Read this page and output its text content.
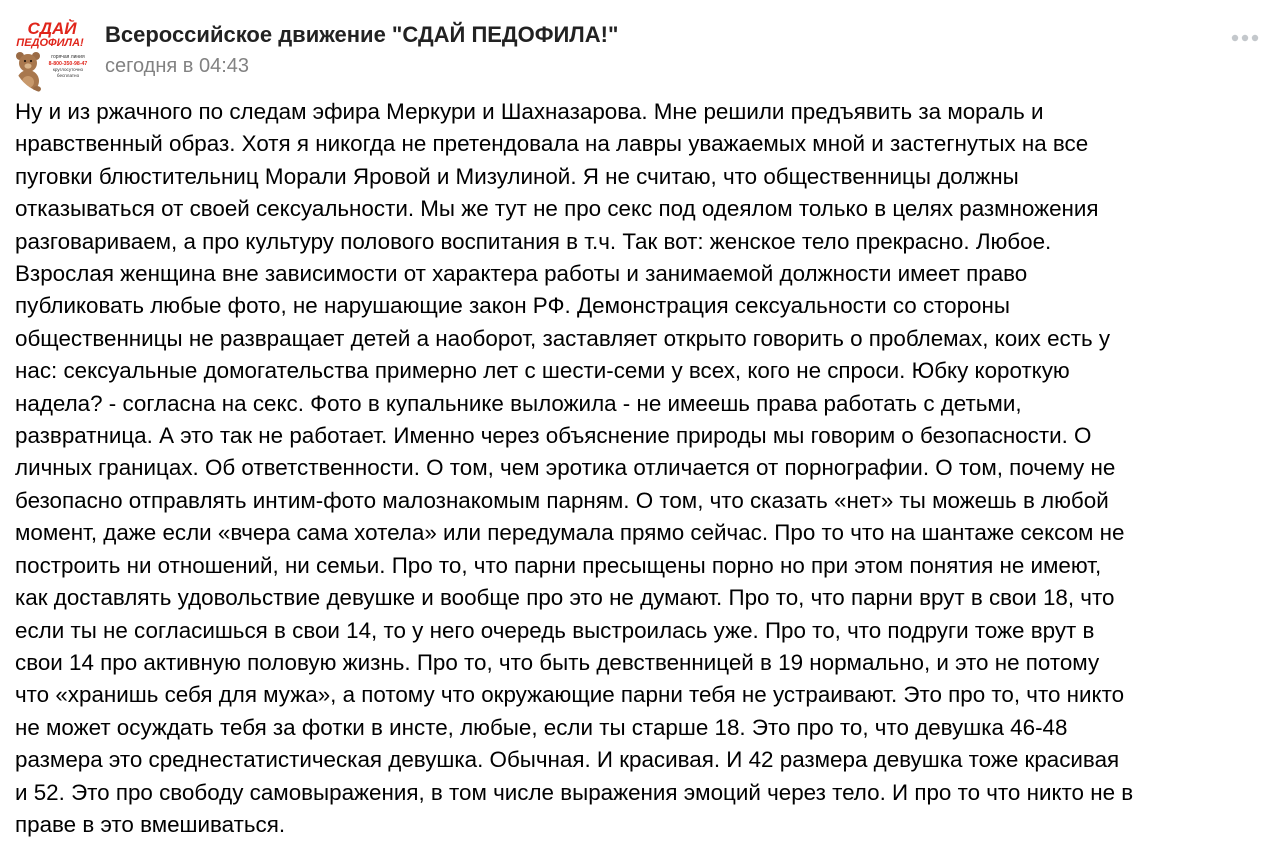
СДАЙ
ПЕДОФИЛА!
горячая линия
8-800-350-98-47
круглосуточно
бесплатно
Всероссийское движение "СДАЙ ПЕДОФИЛА!"
сегодня в 04:43
Ну и из ржачного по следам эфира Меркури и Шахназарова. Мне решили предъявить за мораль и
нравственный образ. Хотя я никогда не претендовала на лавры уважаемых мной и застегнутых на все
пуговки блюстительниц Морали Яровой и Мизулиной. Я не считаю, что общественницы должны
отказываться от своей сексуальности. Мы же тут не про секс под одеялом только в целях размножения
разговариваем, а про культуру полового воспитания в т.ч. Так вот: женское тело прекрасно. Любое.
Взрослая женщина вне зависимости от характера работы и занимаемой должности имеет право
публиковать любые фото, не нарушающие закон РФ. Демонстрация сексуальности со стороны
общественницы не развращает детей а наоборот, заставляет открыто говорить о проблемах, коих есть у
нас: сексуальные домогательства примерно лет с шести-семи у всех, кого не спроси. Юбку короткую
надела? - согласна на секс. Фото в купальнике выложила - не имеешь права работать с детьми,
развратница. А это так не работает. Именно через объяснение природы мы говорим о безопасности. О
личных границах. Об ответственности. О том, чем эротика отличается от порнографии. О том, почему не
безопасно отправлять интим-фото малознакомым парням. О том, что сказать «нет» ты можешь в любой
момент, даже если «вчера сама хотела» или передумала прямо сейчас. Про то что на шантаже сексом не
построить ни отношений, ни семьи. Про то, что парни пресыщены порно но при этом понятия не имеют,
как доставлять удовольствие девушке и вообще про это не думают. Про то, что парни врут в свои 18, что
если ты не согласишься в свои 14, то у него очередь выстроилась уже. Про то, что подруги тоже врут в
свои 14 про активную половую жизнь. Про то, что быть девственницей в 19 нормально, и это не потому
что «хранишь себя для мужа», а потому что окружающие парни тебя не устраивают. Это про то, что никто
не может осуждать тебя за фотки в инсте, любые, если ты старше 18. Это про то, что девушка 46-48
размера это среднестатистическая девушка. Обычная. И красивая. И 42 размера девушка тоже красивая
и 52. Это про свободу самовыражения, в том числе выражения эмоций через тело. И про то что никто не в
праве в это вмешиваться.
